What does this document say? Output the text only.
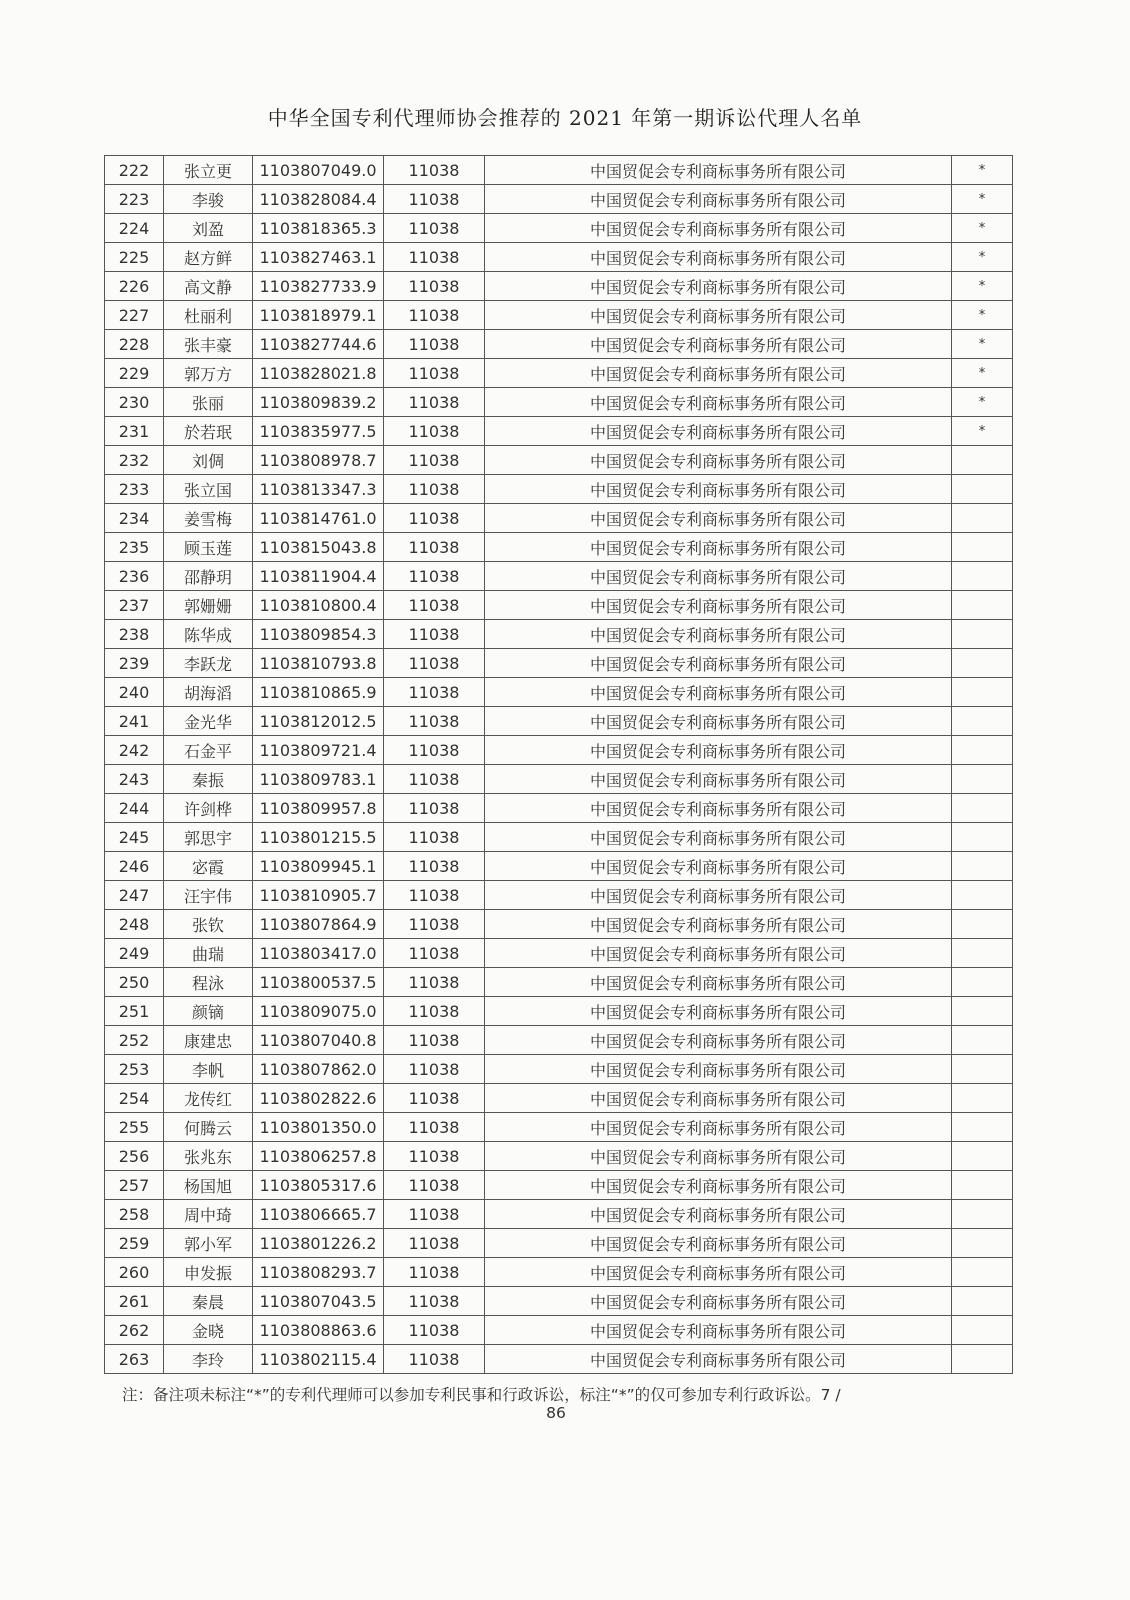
中华全国专利代理师协会推荐的 2021 年第一期诉讼代理人名单
222	张立更	1103807049.0	11038	中国贸促会专利商标事务所有限公司	*
223	李骏	1103828084.4	11038	中国贸促会专利商标事务所有限公司	*
224	刘盈	1103818365.3	11038	中国贸促会专利商标事务所有限公司	*
225	赵方鲜	1103827463.1	11038	中国贸促会专利商标事务所有限公司	*
226	高文静	1103827733.9	11038	中国贸促会专利商标事务所有限公司	*
227	杜丽利	1103818979.1	11038	中国贸促会专利商标事务所有限公司	*
228	张丰豪	1103827744.6	11038	中国贸促会专利商标事务所有限公司	*
229	郭万方	1103828021.8	11038	中国贸促会专利商标事务所有限公司	*
230	张丽	1103809839.2	11038	中国贸促会专利商标事务所有限公司	*
231	於若珉	1103835977.5	11038	中国贸促会专利商标事务所有限公司	*
232	刘倜	1103808978.7	11038	中国贸促会专利商标事务所有限公司	
233	张立国	1103813347.3	11038	中国贸促会专利商标事务所有限公司	
234	姜雪梅	1103814761.0	11038	中国贸促会专利商标事务所有限公司	
235	顾玉莲	1103815043.8	11038	中国贸促会专利商标事务所有限公司	
236	邵静玥	1103811904.4	11038	中国贸促会专利商标事务所有限公司	
237	郭姗姗	1103810800.4	11038	中国贸促会专利商标事务所有限公司	
238	陈华成	1103809854.3	11038	中国贸促会专利商标事务所有限公司	
239	李跃龙	1103810793.8	11038	中国贸促会专利商标事务所有限公司	
240	胡海滔	1103810865.9	11038	中国贸促会专利商标事务所有限公司	
241	金光华	1103812012.5	11038	中国贸促会专利商标事务所有限公司	
242	石金平	1103809721.4	11038	中国贸促会专利商标事务所有限公司	
243	秦振	1103809783.1	11038	中国贸促会专利商标事务所有限公司	
244	许剑桦	1103809957.8	11038	中国贸促会专利商标事务所有限公司	
245	郭思宇	1103801215.5	11038	中国贸促会专利商标事务所有限公司	
246	宓霞	1103809945.1	11038	中国贸促会专利商标事务所有限公司	
247	汪宇伟	1103810905.7	11038	中国贸促会专利商标事务所有限公司	
248	张钦	1103807864.9	11038	中国贸促会专利商标事务所有限公司	
249	曲瑞	1103803417.0	11038	中国贸促会专利商标事务所有限公司	
250	程泳	1103800537.5	11038	中国贸促会专利商标事务所有限公司	
251	颜镝	1103809075.0	11038	中国贸促会专利商标事务所有限公司	
252	康建忠	1103807040.8	11038	中国贸促会专利商标事务所有限公司	
253	李帆	1103807862.0	11038	中国贸促会专利商标事务所有限公司	
254	龙传红	1103802822.6	11038	中国贸促会专利商标事务所有限公司	
255	何腾云	1103801350.0	11038	中国贸促会专利商标事务所有限公司	
256	张兆东	1103806257.8	11038	中国贸促会专利商标事务所有限公司	
257	杨国旭	1103805317.6	11038	中国贸促会专利商标事务所有限公司	
258	周中琦	1103806665.7	11038	中国贸促会专利商标事务所有限公司	
259	郭小军	1103801226.2	11038	中国贸促会专利商标事务所有限公司	
260	申发振	1103808293.7	11038	中国贸促会专利商标事务所有限公司	
261	秦晨	1103807043.5	11038	中国贸促会专利商标事务所有限公司	
262	金晓	1103808863.6	11038	中国贸促会专利商标事务所有限公司	
263	李玲	1103802115.4	11038	中国贸促会专利商标事务所有限公司	
注：备注项未标注“*”的专利代理师可以参加专利民事和行政诉讼，标注“*”的仅可参加专利行政诉讼。7 /
86
